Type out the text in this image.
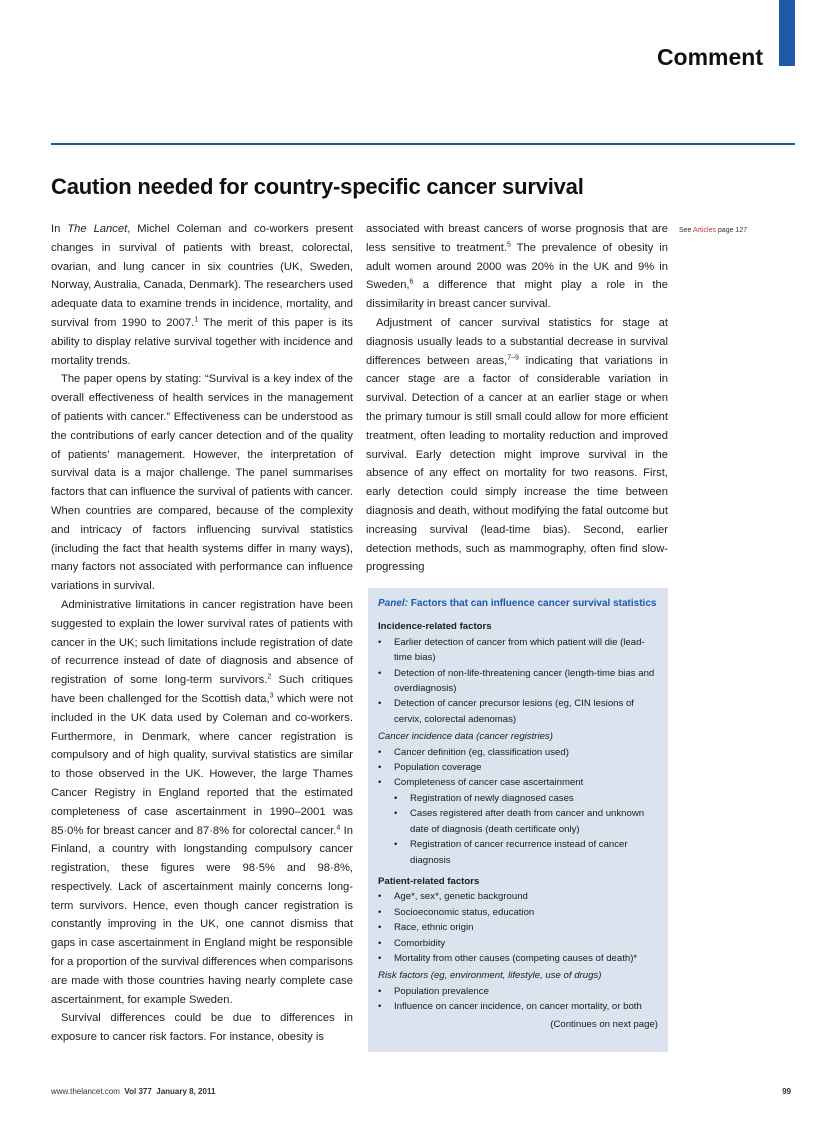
Comment
Caution needed for country-specific cancer survival

In The Lancet, Michel Coleman and co-workers present changes in survival of patients with breast, colorectal, ovarian, and lung cancer in six countries (UK, Sweden, Norway, Australia, Canada, Denmark). The researchers used adequate data to examine trends in incidence, mortality, and survival from 1990 to 2007.$^1$ The merit of this paper is its ability to display relative survival together with incidence and mortality trends.

The paper opens by stating: “Survival is a key index of the overall effectiveness of health services in the management of patients with cancer.” Effectiveness can be understood as the contributions of early cancer detection and of the quality of patients’ management. However, the interpretation of survival data is a major challenge. The panel summarises factors that can influence the survival of patients with cancer. When countries are compared, because of the complexity and intricacy of factors influencing survival statistics (including the fact that health systems differ in many ways), many factors not associated with performance can influence variations in survival.

Administrative limitations in cancer registration have been suggested to explain the lower survival rates of patients with cancer in the UK; such limitations include registration of date of recurrence instead of date of diagnosis and absence of registration of some long-term survivors.$^2$ Such critiques have been challenged for the Scottish data,$^3$ which were not included in the UK data used by Coleman and co-workers. Furthermore, in Denmark, where cancer registration is compulsory and of high quality, survival statistics are similar to those observed in the UK. However, the large Thames Cancer Registry in England reported that the estimated completeness of case ascertainment in 1990–2001 was 85·0% for breast cancer and 87·8% for colorectal cancer.$^4$ In Finland, a country with longstanding compulsory cancer registration, these figures were 98·5% and 98·8%, respectively. Lack of ascertainment mainly concerns long-term survivors. Hence, even though cancer registration is constantly improving in the UK, one cannot dismiss that gaps in case ascertainment in England might be responsible for a proportion of the survival differences when comparisons are made with those countries having nearly complete case ascertainment, for example Sweden.

Survival differences could be due to differences in exposure to cancer risk factors. For instance, obesity is

associated with breast cancers of worse prognosis that are less sensitive to treatment.$^5$ The prevalence of obesity in adult women around 2000 was 20% in the UK and 9% in Sweden,$^6$ a difference that might play a role in the dissimilarity in breast cancer survival.

Adjustment of cancer survival statistics for stage at diagnosis usually leads to a substantial decrease in survival differences between areas,$^{7-9}$ indicating that variations in cancer stage are a factor of considerable variation in survival. Detection of a cancer at an earlier stage or when the primary tumour is still small could allow for more efficient treatment, often leading to mortality reduction and improved survival. Early detection might improve survival in the absence of any effect on mortality for two reasons. First, early detection could simply increase the time between diagnosis and death, without modifying the fatal outcome but increasing survival (lead-time bias). Second, earlier detection methods, such as mammography, often find slow-progressing

See Articles page 127
Panel: Factors that can influence cancer survival statistics
Incidence-related factors
• Earlier detection of cancer from which patient will die (lead-time bias)
• Detection of non-life-threatening cancer (length-time bias and overdiagnosis)
• Detection of cancer precursor lesions (eg, CIN lesions of cervix, colorectal adenomas)
Cancer incidence data (cancer registries)
• Cancer definition (eg, classification used)
• Population coverage
• Completeness of cancer case ascertainment
• Registration of newly diagnosed cases
• Cases registered after death from cancer and unknown date of diagnosis (death certificate only)
• Registration of cancer recurrence instead of cancer diagnosis
Patient-related factors
• Age*, sex*, genetic background
• Socioeconomic status, education
• Race, ethnic origin
• Comorbidity
• Mortality from other causes (competing causes of death)*
Risk factors (eg, environment, lifestyle, use of drugs)
• Population prevalence
• Influence on cancer incidence, on cancer mortality, or both
(Continues on next page)
www.thelancet.com Vol 377 January 8, 2011	99
